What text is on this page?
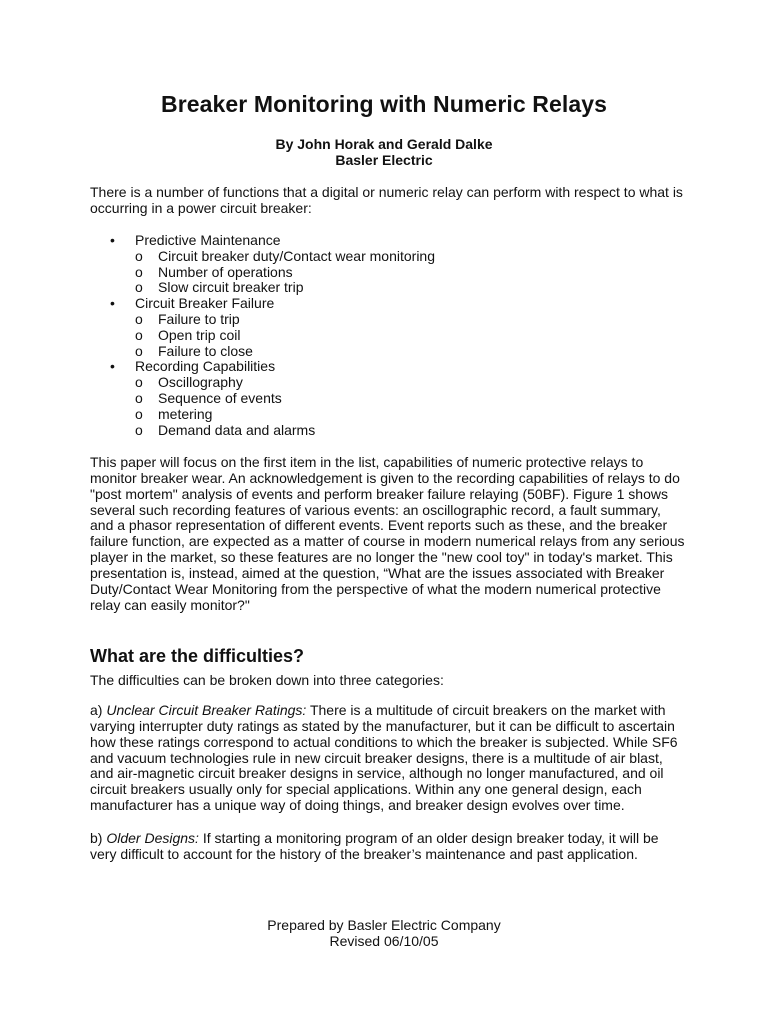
Breaker Monitoring with Numeric Relays
By John Horak and Gerald Dalke
Basler Electric
There is a number of functions that a digital or numeric relay can perform with respect to what is
occurring in a power circuit breaker:
• Predictive Maintenance
o Circuit breaker duty/Contact wear monitoring
o Number of operations
o Slow circuit breaker trip
• Circuit Breaker Failure
o Failure to trip
o Open trip coil
o Failure to close
• Recording Capabilities
o Oscillography
o Sequence of events
o metering
o Demand data and alarms
This paper will focus on the first item in the list, capabilities of numeric protective relays to
monitor breaker wear. An acknowledgement is given to the recording capabilities of relays to do
"post mortem" analysis of events and perform breaker failure relaying (50BF). Figure 1 shows
several such recording features of various events: an oscillographic record, a fault summary,
and a phasor representation of different events. Event reports such as these, and the breaker
failure function, are expected as a matter of course in modern numerical relays from any serious
player in the market, so these features are no longer the "new cool toy" in today's market. This
presentation is, instead, aimed at the question, “What are the issues associated with Breaker
Duty/Contact Wear Monitoring from the perspective of what the modern numerical protective
relay can easily monitor?"
What are the difficulties?
The difficulties can be broken down into three categories:
a) Unclear Circuit Breaker Ratings: There is a multitude of circuit breakers on the market with
varying interrupter duty ratings as stated by the manufacturer, but it can be difficult to ascertain
how these ratings correspond to actual conditions to which the breaker is subjected. While SF6
and vacuum technologies rule in new circuit breaker designs, there is a multitude of air blast,
and air-magnetic circuit breaker designs in service, although no longer manufactured, and oil
circuit breakers usually only for special applications. Within any one general design, each
manufacturer has a unique way of doing things, and breaker design evolves over time.
b) Older Designs: If starting a monitoring program of an older design breaker today, it will be
very difficult to account for the history of the breaker’s maintenance and past application.
Prepared by Basler Electric Company
Revised 06/10/05
